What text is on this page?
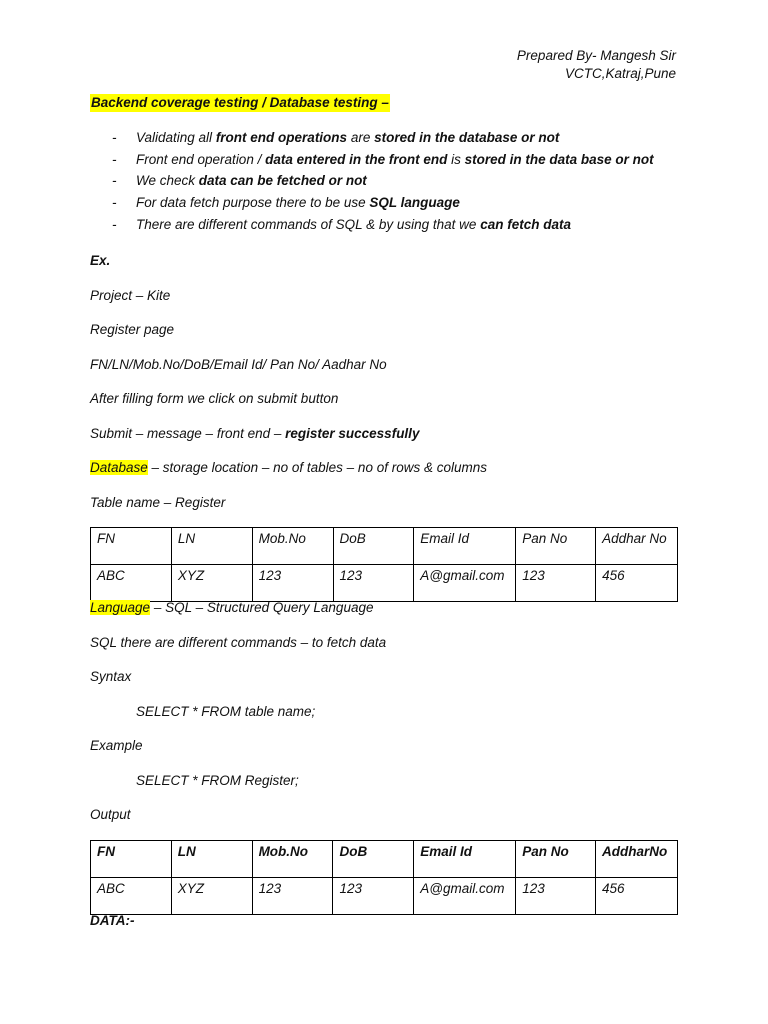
Prepared By- Mangesh Sir
VCTC,Katraj,Pune
Backend coverage testing / Database testing –
- Validating all front end operations are stored in the database or not
- Front end operation / data entered in the front end is stored in the data base or not
- We check data can be fetched or not
- For data fetch purpose there to be use SQL language
- There are different commands of SQL & by using that we can fetch data
Ex.
Project – Kite
Register page
FN/LN/Mob.No/DoB/Email Id/ Pan No/ Aadhar No
After filling form we click on submit button
Submit – message – front end – register successfully
Database – storage location – no of tables – no of rows & columns
Table name – Register
FN	LN	Mob.No	DoB	Email Id	Pan No	Addhar No
ABC	XYZ	123	123	A@gmail.com	123	456
Language – SQL – Structured Query Language
SQL there are different commands – to fetch data
Syntax
SELECT * FROM table name;
Example
SELECT * FROM Register;
Output
FN	LN	Mob.No	DoB	Email Id	Pan No	AddharNo
ABC	XYZ	123	123	A@gmail.com	123	456
DATA:-
